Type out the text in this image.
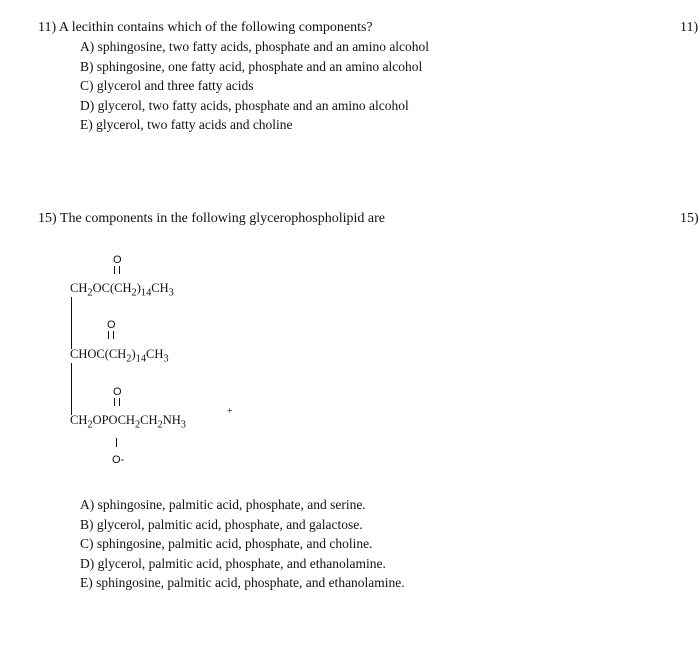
11) A lecithin contains which of the following components?	11)
A) sphingosine, two fatty acids, phosphate and an amino alcohol
B) sphingosine, one fatty acid, phosphate and an amino alcohol
C) glycerol and three fatty acids
D) glycerol, two fatty acids, phosphate and an amino alcohol
E) glycerol, two fatty acids and choline
15) The components in the following glycerophospholipid are	15)
O
$CH_2OC(CH_2)_{14}CH_3$
O
$CHOC(CH_2)_{14}CH_3$
O
$CH_2OPOCH_2CH_2NH_3$
+
O-
A) sphingosine, palmitic acid, phosphate, and serine.
B) glycerol, palmitic acid, phosphate, and galactose.
C) sphingosine, palmitic acid, phosphate, and choline.
D) glycerol, palmitic acid, phosphate, and ethanolamine.
E) sphingosine, palmitic acid, phosphate, and ethanolamine.
